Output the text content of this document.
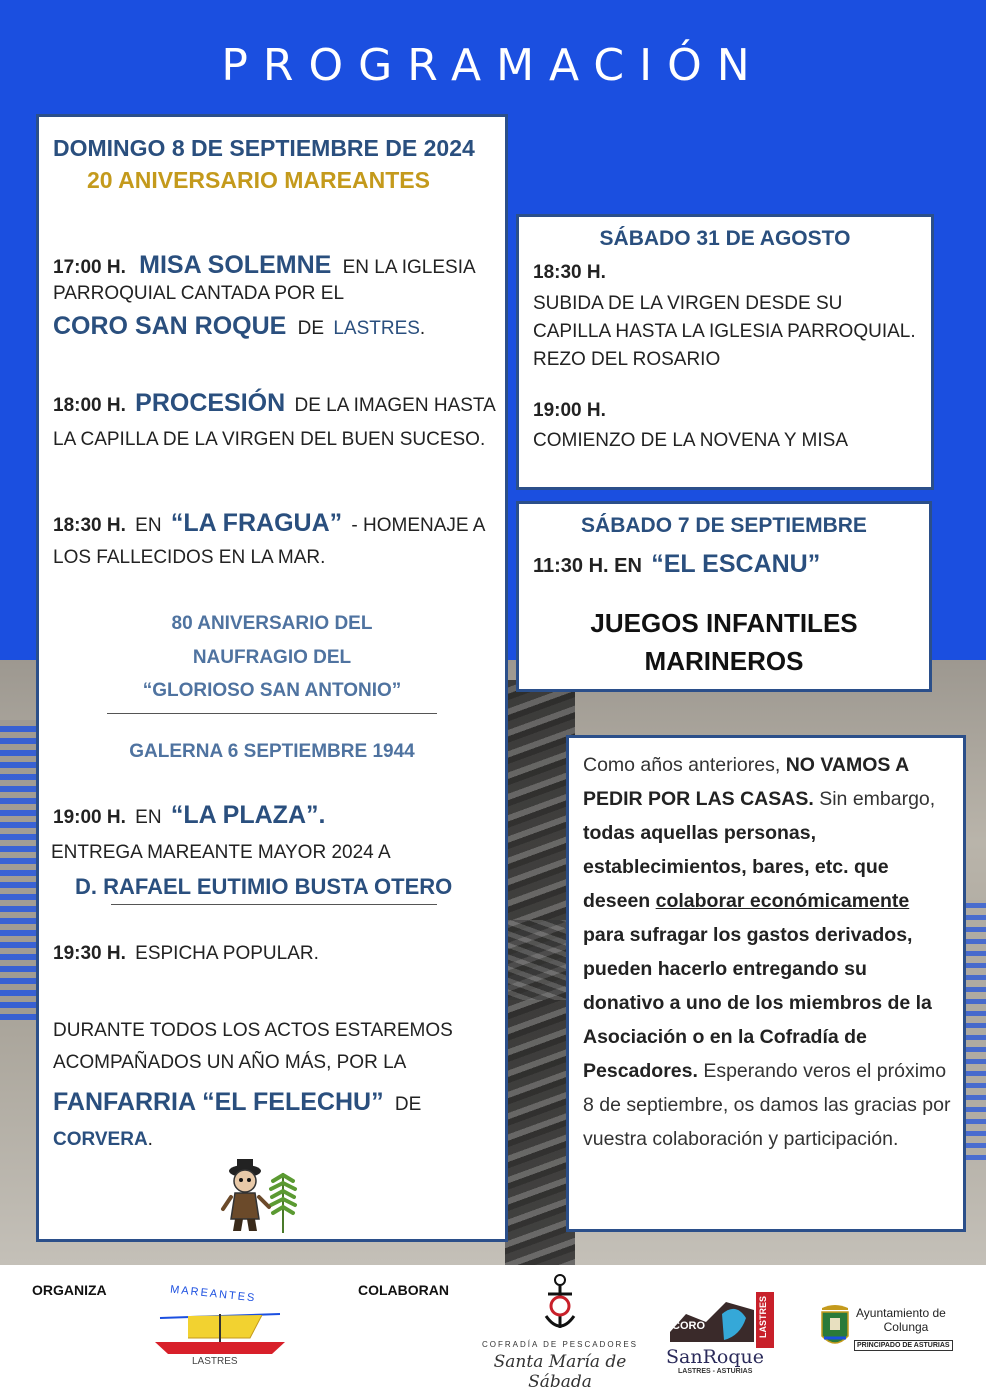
PROGRAMACIÓN
DOMINGO 8 DE SEPTIEMBRE DE 2024
20 ANIVERSARIO MAREANTES
17:00 H. MISA SOLEMNE EN LA IGLESIA
PARROQUIAL CANTADA POR EL
CORO SAN ROQUE DE LASTRES.
18:00 H. PROCESIÓN DE LA IMAGEN HASTA
LA CAPILLA DE LA VIRGEN DEL BUEN SUCESO.
18:30 H. EN “LA FRAGUA” - HOMENAJE A
LOS FALLECIDOS EN LA MAR.
80 ANIVERSARIO DEL
NAUFRAGIO DEL
“GLORIOSO SAN ANTONIO”
GALERNA 6 SEPTIEMBRE 1944
19:00 H. EN “LA PLAZA”.
ENTREGA MAREANTE MAYOR 2024 A
D. RAFAEL EUTIMIO BUSTA OTERO
19:30 H. ESPICHA POPULAR.
DURANTE TODOS LOS ACTOS ESTAREMOS
ACOMPAÑADOS UN AÑO MÁS, POR LA
FANFARRIA “EL FELECHU” DE
CORVERA.
SÁBADO 31 DE AGOSTO
18:30 H.
SUBIDA DE LA VIRGEN DESDE SU
CAPILLA HASTA LA IGLESIA PARROQUIAL.
REZO DEL ROSARIO
19:00 H.
COMIENZO DE LA NOVENA Y MISA
SÁBADO 7 DE SEPTIEMBRE
11:30 H. EN “EL ESCANU”
JUEGOS INFANTILES
MARINEROS
Como años anteriores, NO VAMOS A PEDIR POR LAS CASAS. Sin embargo, todas aquellas personas, establecimientos, bares, etc. que deseen colaborar económicamente para sufragar los gastos derivados, pueden hacerlo entregando su donativo a uno de los miembros de la Asociación o en la Cofradía de Pescadores. Esperando veros el próximo 8 de septiembre, os damos las gracias por vuestra colaboración y participación.
ORGANIZA	COLABORAN
MAREANTES
LASTRES
COFRADÍA DE PESCADORES
Santa María de Sábada
CORO	LASTRES
SanRoque
LASTRES - ASTURIAS
Ayuntamiento de
Colunga
PRINCIPADO DE ASTURIAS
